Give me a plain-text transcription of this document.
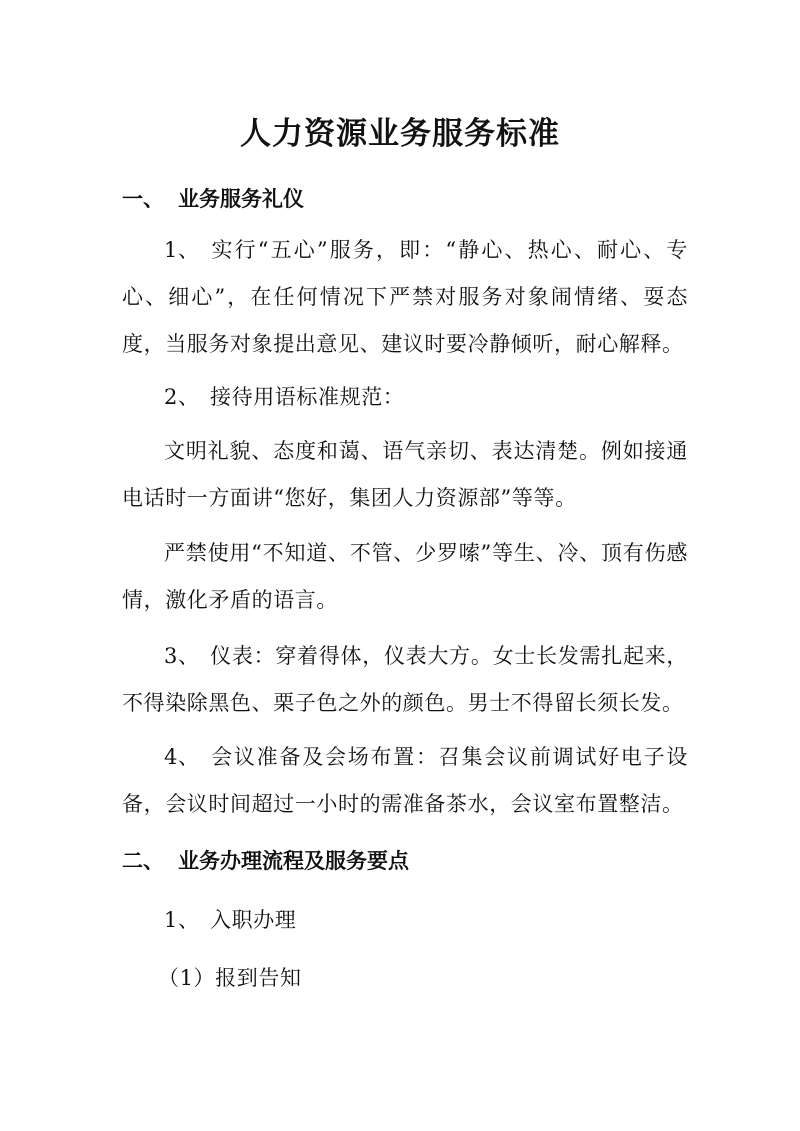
人力资源业务服务标准
一、 业务服务礼仪
1、 实行“五心”服务，即：“静心、热心、耐心、专心、细心”，在任何情况下严禁对服务对象闹情绪、耍态度，当服务对象提出意见、建议时要冷静倾听，耐心解释。
2、 接待用语标准规范：
文明礼貌、态度和蔼、语气亲切、表达清楚。例如接通电话时一方面讲“您好，集团人力资源部”等等。
严禁使用“不知道、不管、少罗嗦”等生、冷、顶有伤感情，激化矛盾的语言。
3、 仪表：穿着得体，仪表大方。女士长发需扎起来，不得染除黑色、栗子色之外的颜色。男士不得留长须长发。
4、 会议准备及会场布置：召集会议前调试好电子设备，会议时间超过一小时的需准备茶水，会议室布置整洁。
二、 业务办理流程及服务要点
1、 入职办理
（1）报到告知
